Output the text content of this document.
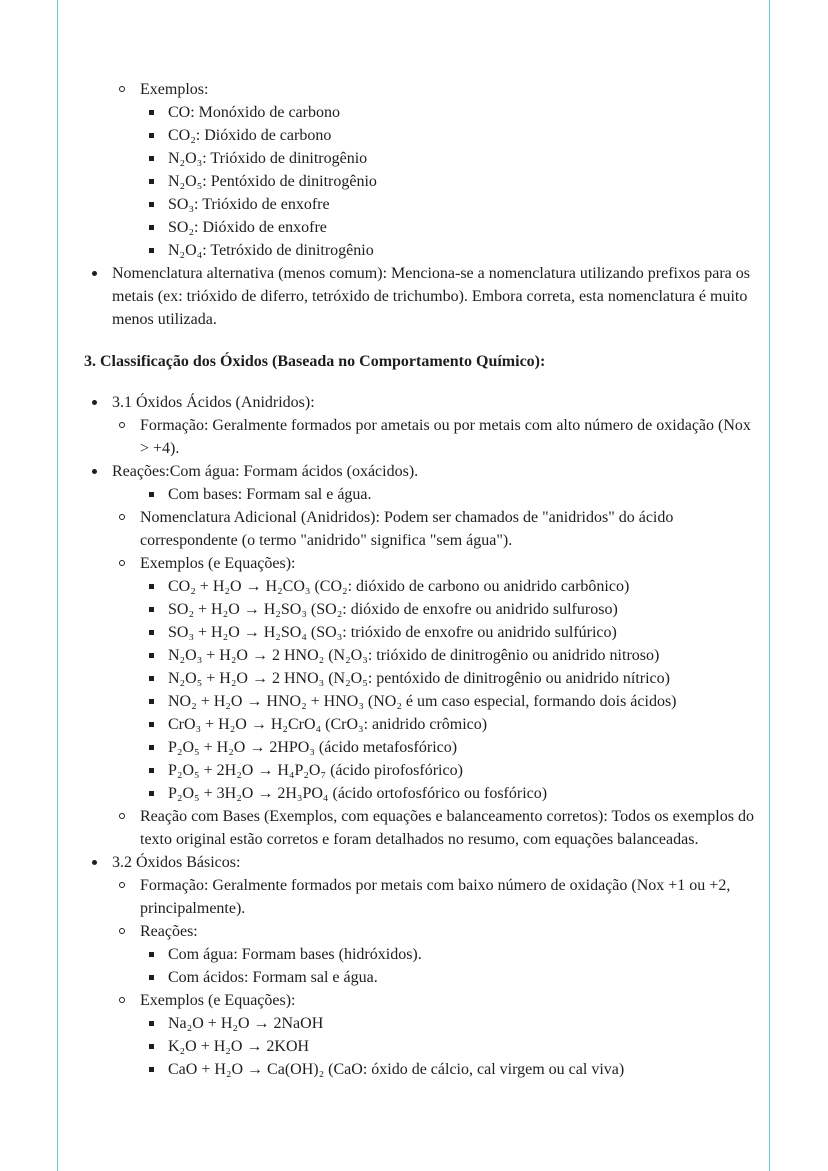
Exemplos:
CO: Monóxido de carbono
CO₂: Dióxido de carbono
N₂O₃: Trióxido de dinitrogênio
N₂O₅: Pentóxido de dinitrogênio
SO₃: Trióxido de enxofre
SO₂: Dióxido de enxofre
N₂O₄: Tetróxido de dinitrogênio
Nomenclatura alternativa (menos comum): Menciona-se a nomenclatura utilizando prefixos para os metais (ex: trióxido de diferro, tetróxido de trichumbo). Embora correta, esta nomenclatura é muito menos utilizada.
3. Classificação dos Óxidos (Baseada no Comportamento Químico):
3.1 Óxidos Ácidos (Anidridos):
Formação: Geralmente formados por ametais ou por metais com alto número de oxidação (Nox > +4).
Reações:Com água: Formam ácidos (oxácidos).
Com bases: Formam sal e água.
Nomenclatura Adicional (Anidridos): Podem ser chamados de "anidridos" do ácido correspondente (o termo "anidrido" significa "sem água").
Exemplos (e Equações):
CO₂ + H₂O → H₂CO₃ (CO₂: dióxido de carbono ou anidrido carbônico)
SO₂ + H₂O → H₂SO₃ (SO₂: dióxido de enxofre ou anidrido sulfuroso)
SO₃ + H₂O → H₂SO₄ (SO₃: trióxido de enxofre ou anidrido sulfúrico)
N₂O₃ + H₂O → 2 HNO₂ (N₂O₃: trióxido de dinitrogênio ou anidrido nitroso)
N₂O₅ + H₂O → 2 HNO₃ (N₂O₅: pentóxido de dinitrogênio ou anidrido nítrico)
NO₂ + H₂O → HNO₂ + HNO₃ (NO₂ é um caso especial, formando dois ácidos)
CrO₃ + H₂O → H₂CrO₄ (CrO₃: anidrido crômico)
P₂O₅ + H₂O → 2HPO₃ (ácido metafosfórico)
P₂O₅ + 2H₂O → H₄P₂O₇ (ácido pirofosfórico)
P₂O₅ + 3H₂O → 2H₃PO₄ (ácido ortofosfórico ou fosfórico)
Reação com Bases (Exemplos, com equações e balanceamento corretos): Todos os exemplos do texto original estão corretos e foram detalhados no resumo, com equações balanceadas.
3.2 Óxidos Básicos:
Formação: Geralmente formados por metais com baixo número de oxidação (Nox +1 ou +2, principalmente).
Reações:
Com água: Formam bases (hidróxidos).
Com ácidos: Formam sal e água.
Exemplos (e Equações):
Na₂O + H₂O → 2NaOH
K₂O + H₂O → 2KOH
CaO + H₂O → Ca(OH)₂ (CaO: óxido de cálcio, cal virgem ou cal viva)
